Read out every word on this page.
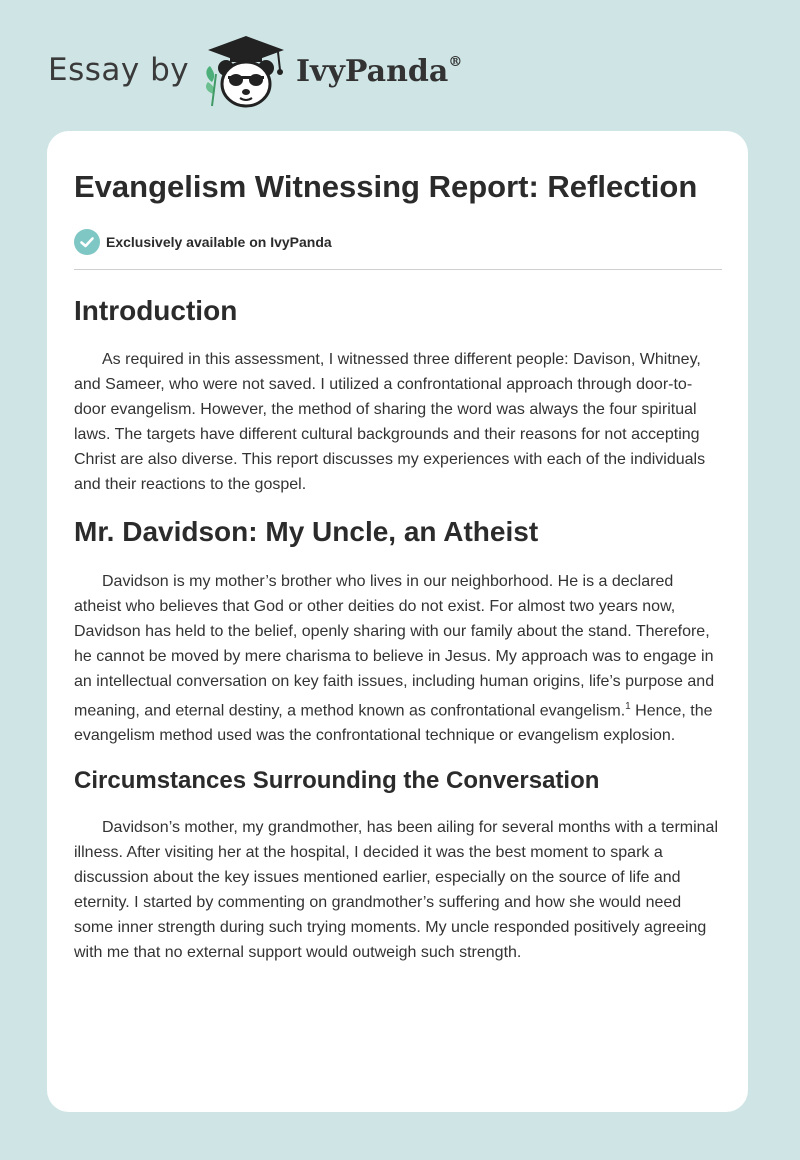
Essay by	IvyPanda®
Evangelism Witnessing Report: Reflection
Exclusively available on IvyPanda
Introduction

As required in this assessment, I witnessed three different people: Davison, Whitney, and Sameer, who were not saved. I utilized a confrontational approach through door-to-door evangelism. However, the method of sharing the word was always the four spiritual laws. The targets have different cultural backgrounds and their reasons for not accepting Christ are also diverse. This report discusses my experiences with each of the individuals and their reactions to the gospel.

Mr. Davidson: My Uncle, an Atheist

Davidson is my mother’s brother who lives in our neighborhood. He is a declared atheist who believes that God or other deities do not exist. For almost two years now, Davidson has held to the belief, openly sharing with our family about the stand. Therefore, he cannot be moved by mere charisma to believe in Jesus. My approach was to engage in an intellectual conversation on key faith issues, including human origins, life’s purpose and meaning, and eternal destiny, a method known as confrontational evangelism.$^1$ Hence, the evangelism method used was the confrontational technique or evangelism explosion.

Circumstances Surrounding the Conversation

Davidson’s mother, my grandmother, has been ailing for several months with a terminal illness. After visiting her at the hospital, I decided it was the best moment to spark a discussion about the key issues mentioned earlier, especially on the source of life and eternity. I started by commenting on grandmother’s suffering and how she would need some inner strength during such trying moments. My uncle responded positively agreeing with me that no external support would outweigh such strength.
